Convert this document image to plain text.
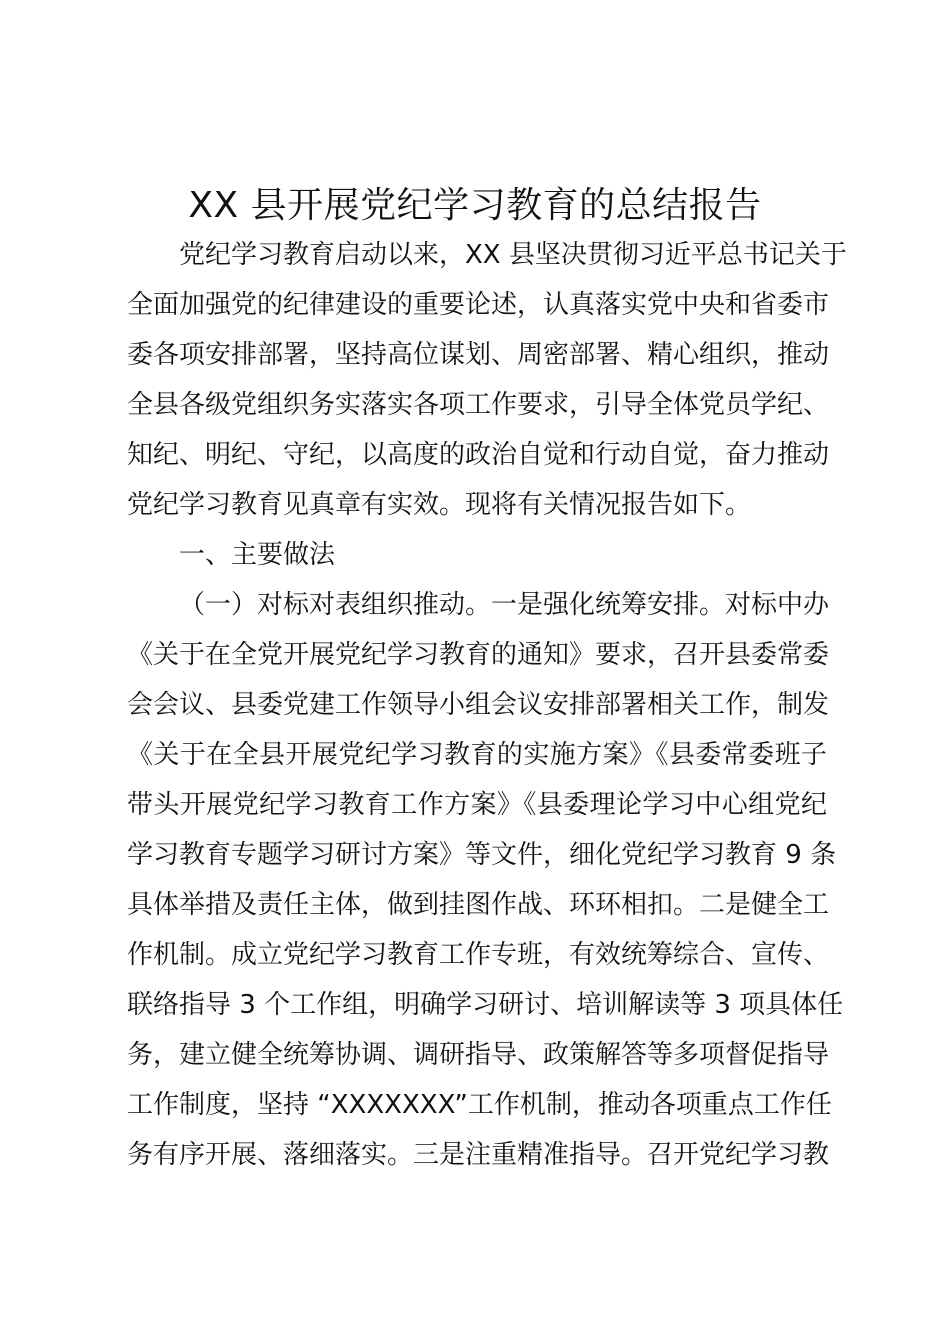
XX 县开展党纪学习教育的总结报告
党纪学习教育启动以来，XX 县坚决贯彻习近平总书记关于
全面加强党的纪律建设的重要论述，认真落实党中央和省委市
委各项安排部署，坚持高位谋划、周密部署、精心组织，推动
全县各级党组织务实落实各项工作要求，引导全体党员学纪、
知纪、明纪、守纪，以高度的政治自觉和行动自觉，奋力推动
党纪学习教育见真章有实效。现将有关情况报告如下。
一、主要做法
（一）对标对表组织推动。一是强化统筹安排。对标中办
《关于在全党开展党纪学习教育的通知》要求，召开县委常委
会会议、县委党建工作领导小组会议安排部署相关工作，制发
《关于在全县开展党纪学习教育的实施方案》《县委常委班子
带头开展党纪学习教育工作方案》《县委理论学习中心组党纪
学习教育专题学习研讨方案》等文件，细化党纪学习教育 9 条
具体举措及责任主体，做到挂图作战、环环相扣。二是健全工
作机制。成立党纪学习教育工作专班，有效统筹综合、宣传、
联络指导 3 个工作组，明确学习研讨、培训解读等 3 项具体任
务，建立健全统筹协调、调研指导、政策解答等多项督促指导
工作制度，坚持 “XXXXXXX”工作机制，推动各项重点工作任
务有序开展、落细落实。三是注重精准指导。召开党纪学习教
